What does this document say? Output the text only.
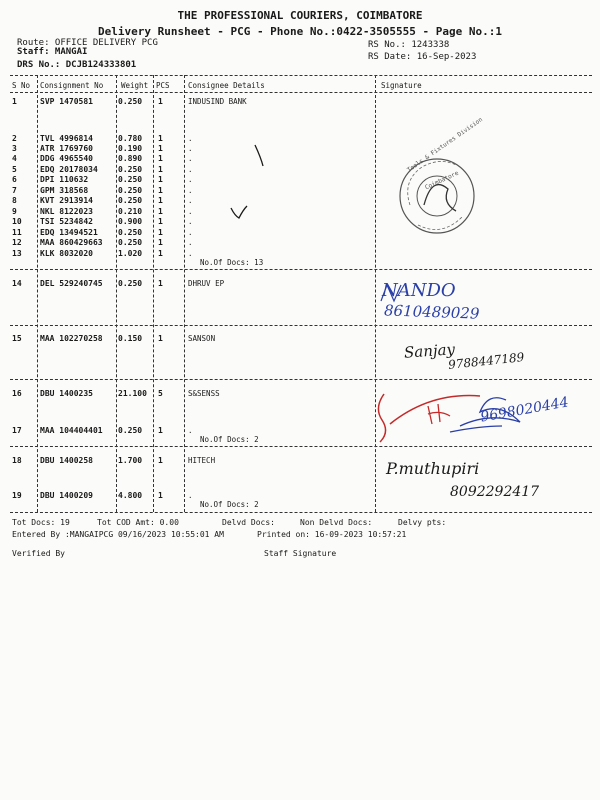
THE PROFESSIONAL COURIERS, COIMBATORE
Delivery Runsheet - PCG - Phone No.:0422-3505555 - Page No.:1
Route: OFFICE DELIVERY PCG
Staff: MANGAI
DRS No.: DCJB124333801
RS No.: 1243338
RS Date: 16-Sep-2023
S No Consignment No Weight PCS Consignee Details	Signature
1	SVP 1470581	0.250 1	INDUSIND BANK
2	TVL 4996814	0.780 1	.
3	ATR 1769760	0.190 1	.
4	DDG 4965540	0.890 1	.
5	EDQ 20178034	0.250 1	.
6	DPI 110632	0.250 1	.
7	GPM 318568	0.250 1	.
8	KVT 2913914	0.250 1	.
9	NKL 8122023	0.210 1	.
10 TSI 5234842	0.900 1	.
11 EDQ 13494521	0.250 1	.
12 MAA 860429663 0.250 1	.
13 KLK 8032020	1.020 1	.
No.Of Docs: 13
14 DEL 529240745 0.250 1	DHRUV EP
15 MAA 102270258 0.150 1	SANSON
16 DBU 1400235	21.100 5	S&SENSS
17 MAA 104404401 0.250 1	.
No.Of Docs: 2
18 DBU 1400258	1.700 1	HITECH
19 DBU 1400209	4.800 1	.
No.Of Docs: 2
Tot Docs: 19	Tot COD Amt: 0.00	Delvd Docs:	Non Delvd Docs:	Delvy pts:
Entered By :MANGAIPCG 09/16/2023 10:55:01 AM	Printed on: 16-09-2023 10:57:21
Verified By	Staff Signature
Tools & Fixtures Division
Coimbatore
NANDO
8610489029
Sanjay
9788447189
9698020444
P.muthupiri
8092292417
